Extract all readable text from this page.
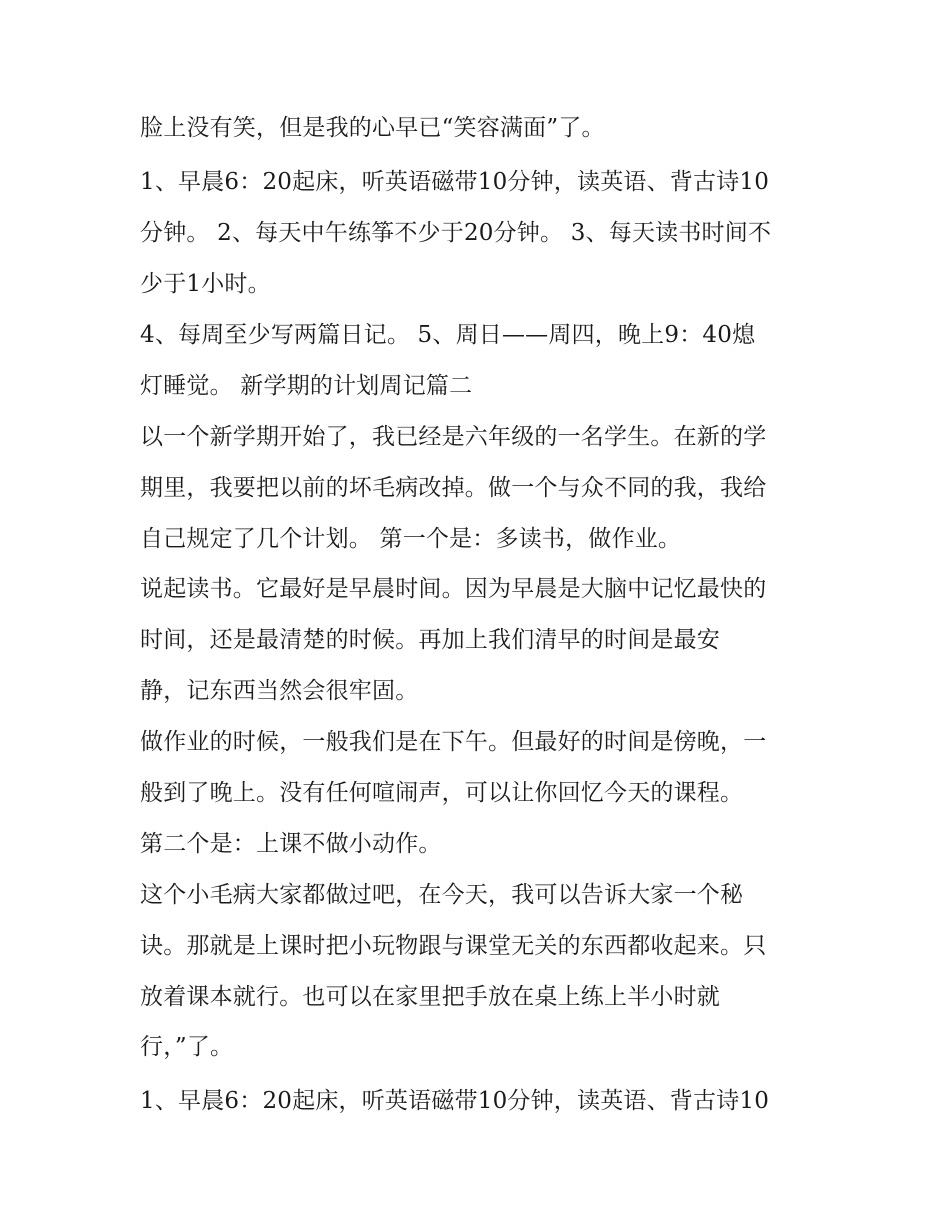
脸上没有笑，但是我的心早已“笑容满面”了。
1、早晨6：20起床，听英语磁带10分钟，读英语、背古诗10
分钟。 2、每天中午练筝不少于20分钟。 3、每天读书时间不
少于1小时。
4、每周至少写两篇日记。 5、周日——周四，晚上9：40熄
灯睡觉。 新学期的计划周记篇二
以一个新学期开始了，我已经是六年级的一名学生。在新的学
期里，我要把以前的坏毛病改掉。做一个与众不同的我，我给
自己规定了几个计划。 第一个是：多读书，做作业。
说起读书。它最好是早晨时间。因为早晨是大脑中记忆最快的
时间，还是最清楚的时候。再加上我们清早的时间是最安
静，记东西当然会很牢固。
做作业的时候，一般我们是在下午。但最好的时间是傍晚，一
般到了晚上。没有任何喧闹声，可以让你回忆今天的课程。
第二个是：上课不做小动作。
这个小毛病大家都做过吧，在今天，我可以告诉大家一个秘
诀。那就是上课时把小玩物跟与课堂无关的东西都收起来。只
放着课本就行。也可以在家里把手放在桌上练上半小时就
行，”了。
1、早晨6：20起床，听英语磁带10分钟，读英语、背古诗10
